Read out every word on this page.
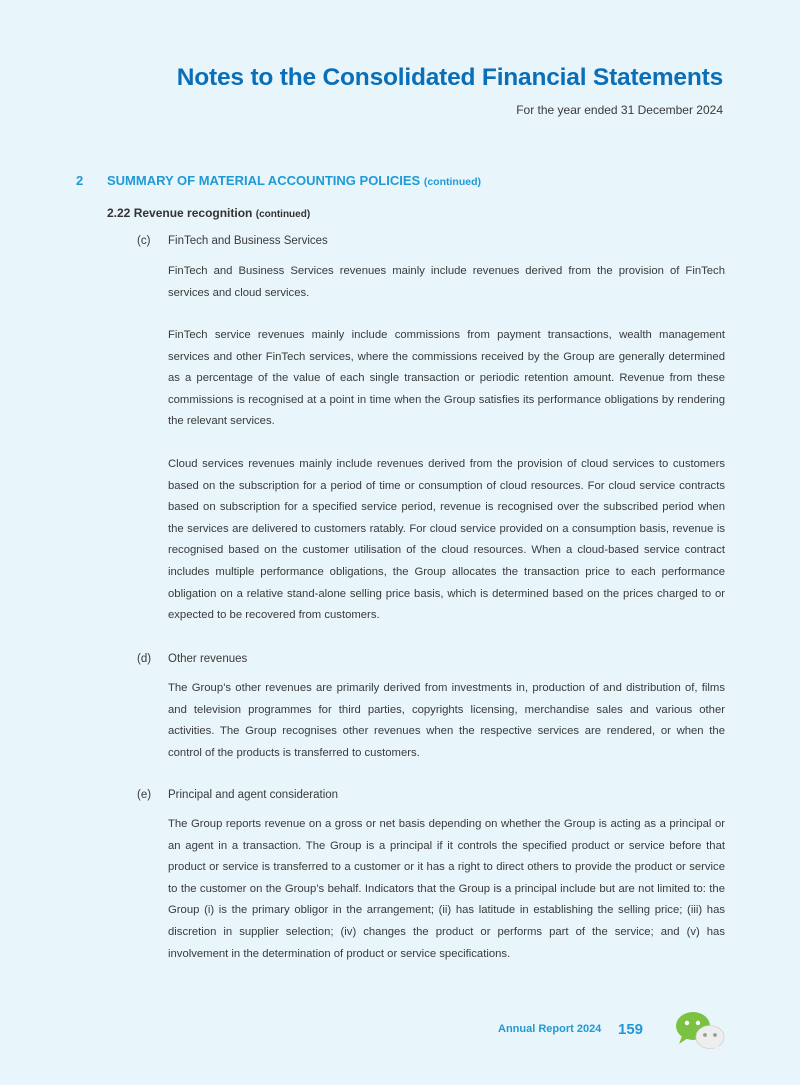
Notes to the Consolidated Financial Statements
For the year ended 31 December 2024
2 SUMMARY OF MATERIAL ACCOUNTING POLICIES (continued)
2.22 Revenue recognition (continued)
(c) FinTech and Business Services

FinTech and Business Services revenues mainly include revenues derived from the provision of FinTech services and cloud services.

FinTech service revenues mainly include commissions from payment transactions, wealth management services and other FinTech services, where the commissions received by the Group are generally determined as a percentage of the value of each single transaction or periodic retention amount. Revenue from these commissions is recognised at a point in time when the Group satisfies its performance obligations by rendering the relevant services.

Cloud services revenues mainly include revenues derived from the provision of cloud services to customers based on the subscription for a period of time or consumption of cloud resources. For cloud service contracts based on subscription for a specified service period, revenue is recognised over the subscribed period when the services are delivered to customers ratably. For cloud service provided on a consumption basis, revenue is recognised based on the customer utilisation of the cloud resources. When a cloud-based service contract includes multiple performance obligations, the Group allocates the transaction price to each performance obligation on a relative stand-alone selling price basis, which is determined based on the prices charged to or expected to be recovered from customers.

(d) Other revenues

The Group’s other revenues are primarily derived from investments in, production of and distribution of, films and television programmes for third parties, copyrights licensing, merchandise sales and various other activities. The Group recognises other revenues when the respective services are rendered, or when the control of the products is transferred to customers.

(e) Principal and agent consideration

The Group reports revenue on a gross or net basis depending on whether the Group is acting as a principal or an agent in a transaction. The Group is a principal if it controls the specified product or service before that product or service is transferred to a customer or it has a right to direct others to provide the product or service to the customer on the Group’s behalf. Indicators that the Group is a principal include but are not limited to: the Group (i) is the primary obligor in the arrangement; (ii) has latitude in establishing the selling price; (iii) has discretion in supplier selection; (iv) changes the product or performs part of the service; and (v) has involvement in the determination of product or service specifications.

Annual Report 2024 159
